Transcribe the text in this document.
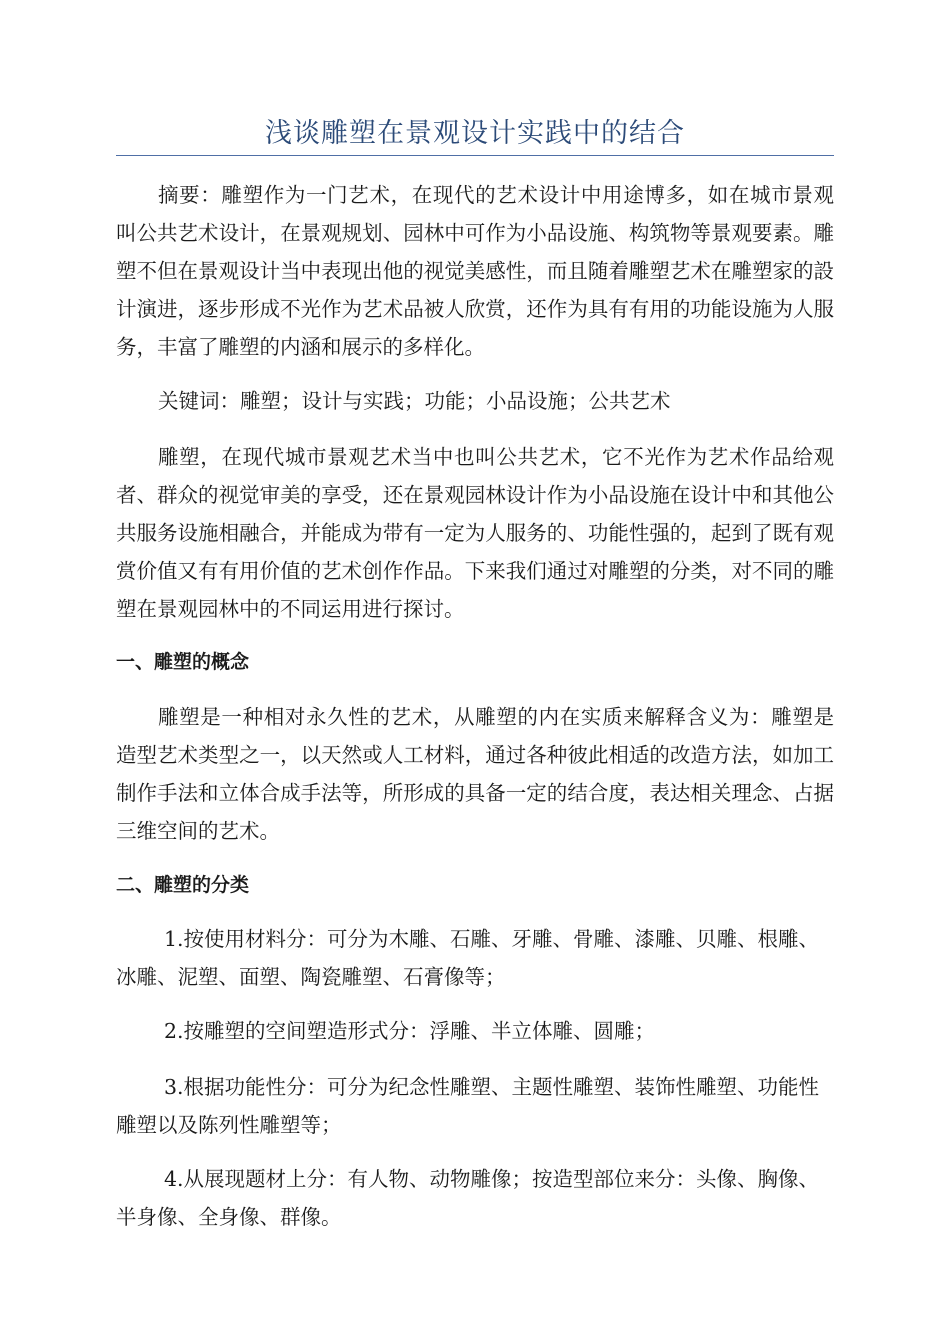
浅谈雕塑在景观设计实践中的结合

摘要：雕塑作为一门艺术，在现代的艺术设计中用途博多，如在城市景观叫公共艺术设计，在景观规划、园林中可作为小品设施、构筑物等景观要素。雕塑不但在景观设计当中表现出他的视觉美感性，而且随着雕塑艺术在雕塑家的設计演进，逐步形成不光作为艺术品被人欣赏，还作为具有有用的功能设施为人服务，丰富了雕塑的内涵和展示的多样化。

关键词：雕塑；设计与实践；功能；小品设施；公共艺术

雕塑，在现代城市景观艺术当中也叫公共艺术，它不光作为艺术作品给观者、群众的视觉审美的享受，还在景观园林设计作为小品设施在设计中和其他公共服务设施相融合，并能成为带有一定为人服务的、功能性强的，起到了既有观赏价值又有有用价值的艺术创作作品。下来我们通过对雕塑的分类，对不同的雕塑在景观园林中的不同运用进行探讨。

一、雕塑的概念

雕塑是一种相对永久性的艺术，从雕塑的内在实质来解释含义为：雕塑是造型艺术类型之一，以天然或人工材料，通过各种彼此相适的改造方法，如加工制作手法和立体合成手法等，所形成的具备一定的结合度，表达相关理念、占据三维空间的艺术。

二、雕塑的分类

1.按使用材料分：可分为木雕、石雕、牙雕、骨雕、漆雕、贝雕、根雕、冰雕、泥塑、面塑、陶瓷雕塑、石膏像等；

2.按雕塑的空间塑造形式分：浮雕、半立体雕、圆雕；

3.根据功能性分：可分为纪念性雕塑、主题性雕塑、装饰性雕塑、功能性雕塑以及陈列性雕塑等；

4.从展现题材上分：有人物、动物雕像；按造型部位来分：头像、胸像、半身像、全身像、群像。
